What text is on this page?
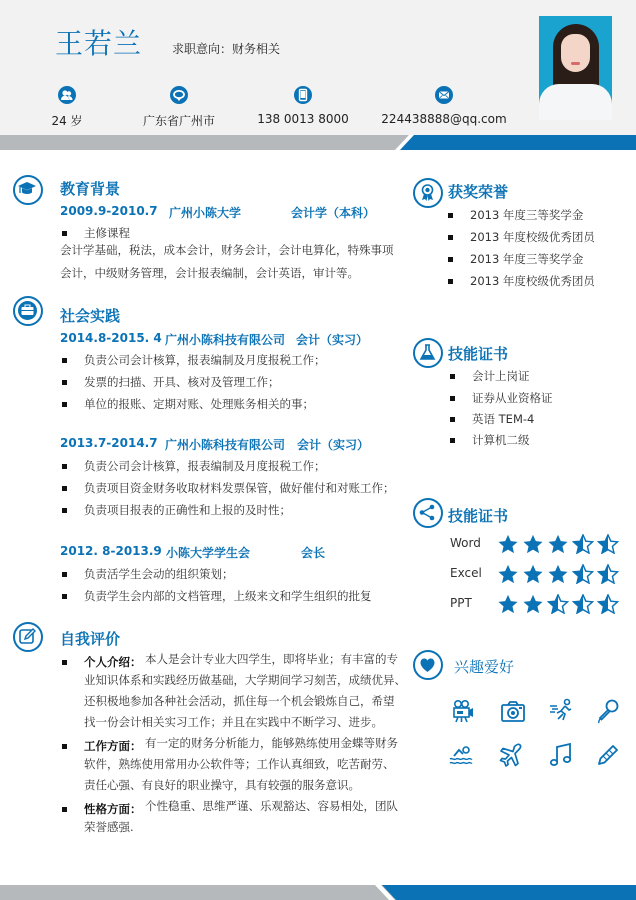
王若兰 求职意向：财务相关
24 岁	广东省广州市	138 0013 8000	224438888@qq.com
教育背景
2009.9-2010.7 广州小陈大学	会计学（本科）
主修课程
会计学基础，税法，成本会计，财务会计，会计电算化，特殊事项
会计，中级财务管理，会计报表编制，会计英语，审计等。
社会实践
2014.8-2015. 4 广州小陈科技有限公司 会计（实习）
负责公司会计核算，报表编制及月度报税工作；
发票的扫描、开具、核对及管理工作；
单位的报账、定期对账、处理账务相关的事；
2013.7-2014.7 广州小陈科技有限公司 会计（实习）
负责公司会计核算，报表编制及月度报税工作；
负责项目资金财务收取材料发票保管，做好催付和对账工作；
负责项目报表的正确性和上报的及时性；
2012. 8-2013.9 小陈大学学生会	会长
负责活学生会动的组织策划；
负责学生会内部的文档管理，上级来文和学生组织的批复
自我评价
个人介绍： 本人是会计专业大四学生，即将毕业；有丰富的专
业知识体系和实践经历做基础，大学期间学习刻苦，成绩优异、
还积极地参加各种社会活动，抓住每一个机会锻炼自己，希望
找一份会计相关实习工作；并且在实践中不断学习、进步。
工作方面： 有一定的财务分析能力，能够熟练使用金蝶等财务
软件，熟练使用常用办公软件等；工作认真细致，吃苦耐劳、
责任心强、有良好的职业操守，具有较强的服务意识。
性格方面： 个性稳重、思维严谨、乐观豁达、容易相处，团队
荣誉感强.
获奖荣誉
2013 年度三等奖学金
2013 年度校级优秀团员
2013 年度三等奖学金
2013 年度校级优秀团员
技能证书
会计上岗证
证券从业资格证
英语 TEM-4
计算机二级
技能证书
Word
Excel
PPT
兴趣爱好
